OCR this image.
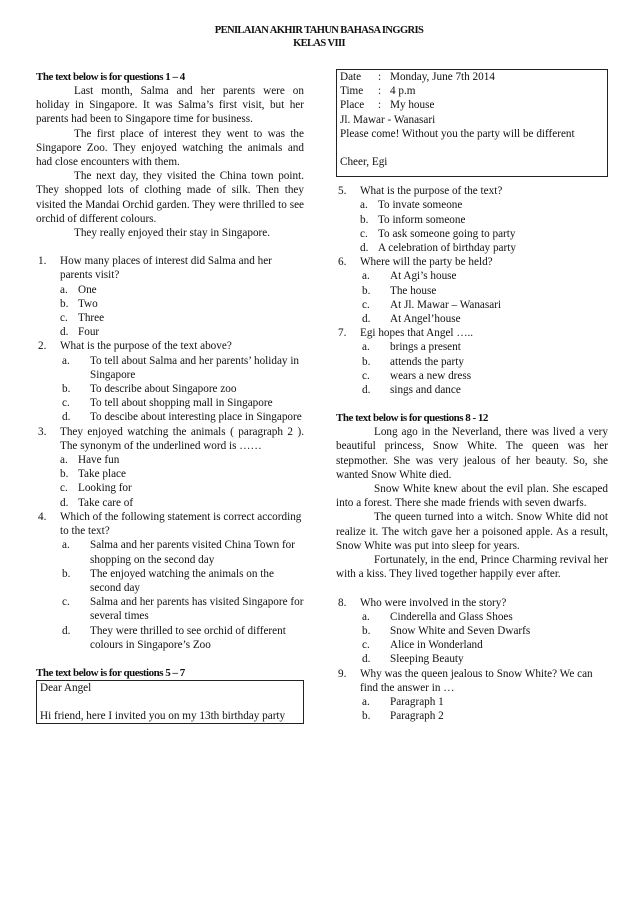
PENILAIAN AKHIR TAHUN BAHASA INGGRIS
KELAS VIII
The text below is for questions 1 – 4

Last month, Salma and her parents were on holiday in Singapore. It was Salma’s first visit, but her parents had been to Singapore time for business.

The first place of interest they went to was the Singapore Zoo. They enjoyed watching the animals and had close encounters with them.

The next day, they visited the China town point. They shopped lots of clothing made of silk. Then they visited the Mandai Orchid garden. They were thrilled to see orchid of different colours.

They really enjoyed their stay in Singapore.

1. How many places of interest did Salma and her parents visit?
a. One
b. Two
c. Three
d. Four
2. What is the purpose of the text above?
a. To tell about Salma and her parents’ holiday in Singapore
b. To describe about Singapore zoo
c. To tell about shopping mall in Singapore
d. To descibe about interesting place in Singapore
3. They enjoyed watching the animals ( paragraph 2 ). The synonym of the underlined word is ……
a. Have fun
b. Take place
c. Looking for
d. Take care of
4. Which of the following statement is correct according to the text?
a. Salma and her parents visited China Town for shopping on the second day
b. The enjoyed watching the animals on the second day
c. Salma and her parents has visited Singapore for several times
d. They were thrilled to see orchid of different colours in Singapore’s Zoo
The text below is for questions 5 – 7
Dear Angel
Hi friend, here I invited you on my 13th birthday party
Date	: Monday, June 7th 2014
Time	: 4 p.m
Place	: My house
Jl. Mawar - Wanasari

Please come! Without you the party will be different

Cheer, Egi
5. What is the purpose of the text?
a. To invate someone
b. To inform someone
c. To ask someone going to party
d. A celebration of birthday party
6. Where will the party be held?
a. At Agi’s house
b. The house
c. At Jl. Mawar – Wanasari
d. At Angel’house
7. Egi hopes that Angel …..
a. brings a present
b. attends the party
c. wears a new dress
d. sings and dance
The text below is for questions 8 - 12

Long ago in the Neverland, there was lived a very beautiful princess, Snow White. The queen was her stepmother. She was very jealous of her beauty. So, she wanted Snow White died.

Snow White knew about the evil plan. She escaped into a forest. There she made friends with seven dwarfs.

The queen turned into a witch. Snow White did not realize it. The witch gave her a poisoned apple. As a result, Snow White was put into sleep for years.

Fortunately, in the end, Prince Charming revival her with a kiss. They lived together happily ever after.

8. Who were involved in the story?
a. Cinderella and Glass Shoes
b. Snow White and Seven Dwarfs
c. Alice in Wonderland
d. Sleeping Beauty
9. Why was the queen jealous to Snow White? We can find the answer in …
a. Paragraph 1
b. Paragraph 2
